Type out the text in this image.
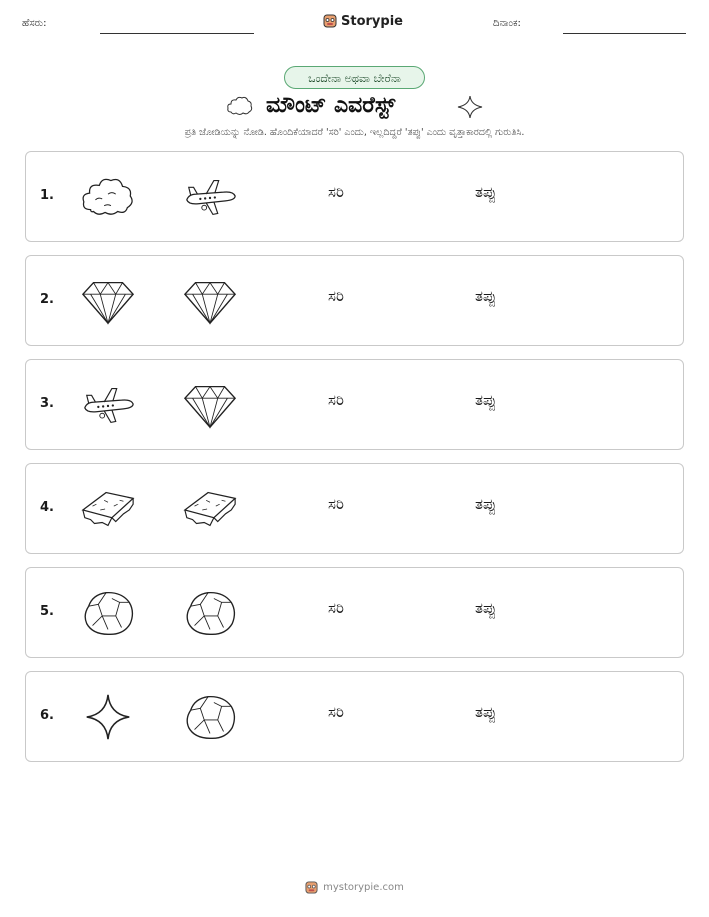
ಹೆಸರು:	Storypie	ದಿನಾಂಕ:
ಒಂದೇನಾ ಅಥವಾ ಬೇರೆನಾ
ಮೌಂಟ್ ಎವರೆಸ್ಟ್
ಪ್ರತಿ ಜೋಡಿಯನ್ನು ನೋಡಿ. ಹೊಂದಿಕೆಯಾದರೆ 'ಸರಿ' ಎಂದು, ಇಲ್ಲದಿದ್ದರೆ 'ತಪ್ಪು' ಎಂದು ವೃತ್ತಾಕಾರದಲ್ಲಿ ಗುರುತಿಸಿ.
1.	ಸರಿ	ತಪ್ಪು
2.	ಸರಿ	ತಪ್ಪು
3.	ಸರಿ	ತಪ್ಪು
4.	ಸರಿ	ತಪ್ಪು
5.	ಸರಿ	ತಪ್ಪು
6.	ಸರಿ	ತಪ್ಪು
mystorypie.com
